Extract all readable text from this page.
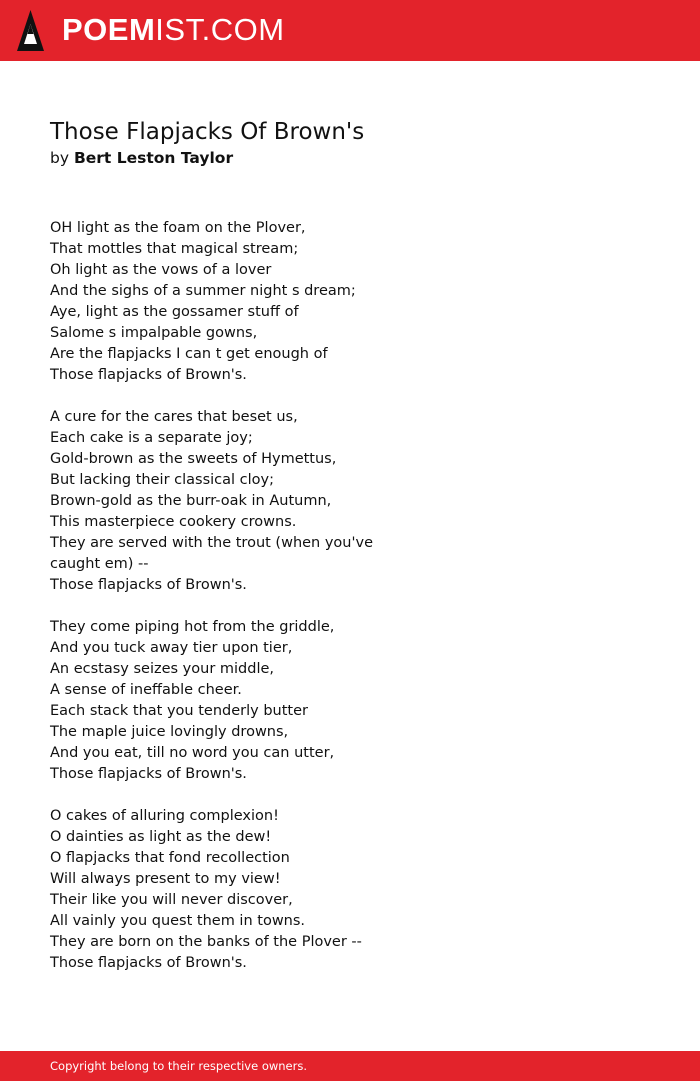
POEMIST.COM
Those Flapjacks Of Brown's
by Bert Leston Taylor
OH light as the foam on the Plover,
That mottles that magical stream;
Oh light as the vows of a lover
And the sighs of a summer night s dream;
Aye, light as the gossamer stuff of
Salome s impalpable gowns,
Are the flapjacks I can t get enough of
Those flapjacks of Brown's.
A cure for the cares that beset us,
Each cake is a separate joy;
Gold-brown as the sweets of Hymettus,
But lacking their classical cloy;
Brown-gold as the burr-oak in Autumn,
This masterpiece cookery crowns.
They are served with the trout (when you've
caught em) --
Those flapjacks of Brown's.
They come piping hot from the griddle,
And you tuck away tier upon tier,
An ecstasy seizes your middle,
A sense of ineffable cheer.
Each stack that you tenderly butter
The maple juice lovingly drowns,
And you eat, till no word you can utter,
Those flapjacks of Brown's.
O cakes of alluring complexion!
O dainties as light as the dew!
O flapjacks that fond recollection
Will always present to my view!
Their like you will never discover,
All vainly you quest them in towns.
They are born on the banks of the Plover --
Those flapjacks of Brown's.
Copyright belong to their respective owners.
